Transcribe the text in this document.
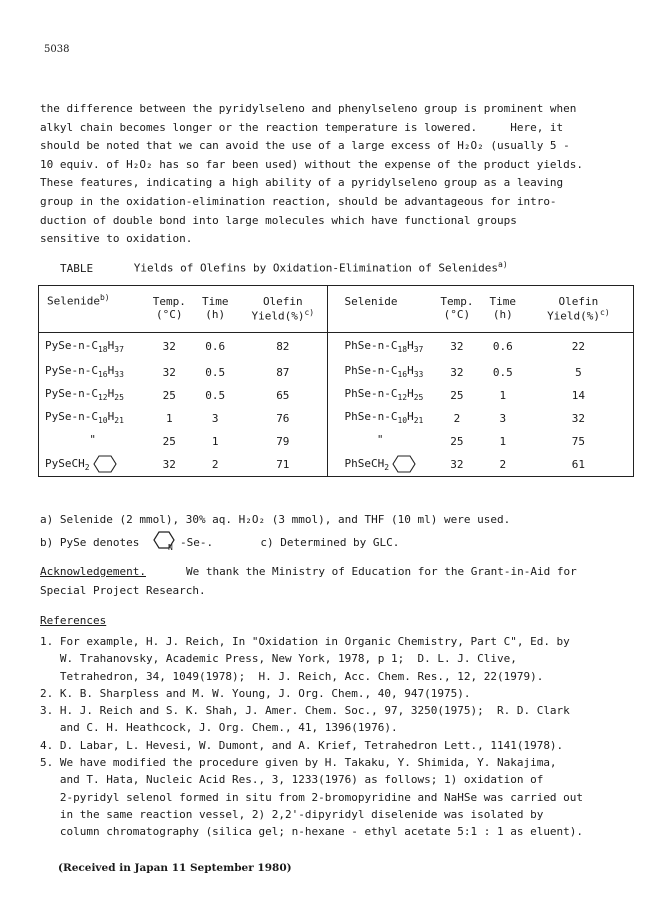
5038
the difference between the pyridylseleno and phenylseleno group is prominent when
alkyl chain becomes longer or the reaction temperature is lowered.     Here, it
should be noted that we can avoid the use of a large excess of H₂O₂ (usually 5 -
10 equiv. of H₂O₂ has so far been used) without the expense of the product yields.
These features, indicating a high ability of a pyridylseleno group as a leaving
group in the oxidation-elimination reaction, should be advantageous for intro-
duction of double bond into large molecules which have functional groups
sensitive to oxidation.
TABLE	Yields of Olefins by Oxidation-Elimination of Selenides$^{a)}$
Selenide$^{b)}$	Temp.	Time	Olefin	Selenide	Temp.	Time	Olefin
	(°C)	(h)	Yield(%)$^{c)}$		(°C)	(h)	Yield(%)$^{c)}$
PySe-$n-C_{18}H_{37}$	32	0.6	82	PhSe-$n-C_{18}H_{37}$	32	0.6	22
PySe-$n-C_{16}H_{33}$	32	0.5	87	PhSe-$n-C_{16}H_{33}$	32	0.5	5
PySe-$n-C_{12}H_{25}$	25	0.5	65	PhSe-$n-C_{12}H_{25}$	25	1	14
PySe-$n-C_{10}H_{21}$	1	3	76	PhSe-$n-C_{10}H_{21}$	2	3	32
"	25	1	79	"	25	1	75
PySeCH$_2$	32	2	71	PhSeCH$_2$	32	2	61
a) Selenide (2 mmol), 30% aq. H₂O₂ (3 mmol), and THF (10 ml) were used.
b) PySe denotes	N -Se-.	c) Determined by GLC.
Acknowledgement.	We thank the Ministry of Education for the Grant-in-Aid for
Special Project Research.
References
1. For example, H. J. Reich, In "Oxidation in Organic Chemistry, Part C", Ed. by
W. Trahanovsky, Academic Press, New York, 1978, p 1;  D. L. J. Clive,
Tetrahedron, 34, 1049(1978);  H. J. Reich, Acc. Chem. Res., 12, 22(1979).
2. K. B. Sharpless and M. W. Young, J. Org. Chem., 40, 947(1975).
3. H. J. Reich and S. K. Shah, J. Amer. Chem. Soc., 97, 3250(1975);  R. D. Clark
and C. H. Heathcock, J. Org. Chem., 41, 1396(1976).
4. D. Labar, L. Hevesi, W. Dumont, and A. Krief, Tetrahedron Lett., 1141(1978).
5. We have modified the procedure given by H. Takaku, Y. Shimida, Y. Nakajima,
and T. Hata, Nucleic Acid Res., 3, 1233(1976) as follows; 1) oxidation of
2-pyridyl selenol formed in situ from 2-bromopyridine and NaHSe was carried out
in the same reaction vessel, 2) 2,2'-dipyridyl diselenide was isolated by
column chromatography (silica gel; n-hexane - ethyl acetate 5:1 : 1 as eluent).
(Received in Japan 11 September 1980)
